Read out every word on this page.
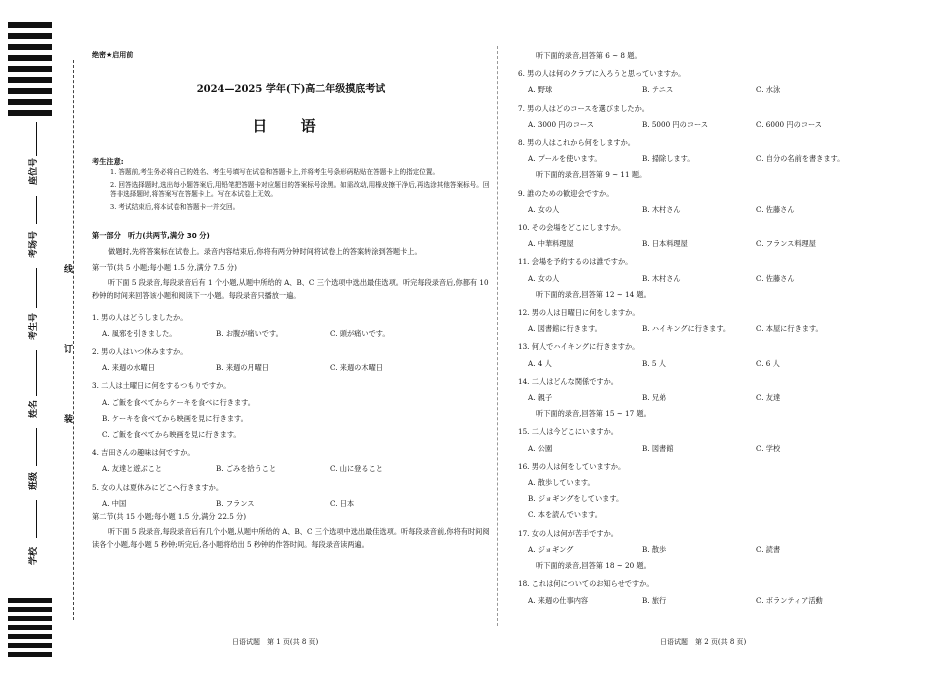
座位号
考场号
考生号
姓名
班级
学校
线
订
装
绝密★启用前
2024—2025 学年(下)高二年级摸底考试
日 语
考生注意:
1. 答题前,考生务必将自己的姓名、考生号填写在试卷和答题卡上,并将考生号条形码粘贴在答题卡上的指定位置。
2. 回答选择题时,选出每小题答案后,用铅笔把答题卡对应题目的答案标号涂黑。如需改动,用橡皮擦干净后,再选涂其他答案标号。回答非选择题时,将答案写在答题卡上。写在本试卷上无效。
3. 考试结束后,将本试卷和答题卡一并交回。
第一部分　听力(共两节,满分 30 分)
做题时,先将答案标在试卷上。录音内容结束后,你将有两分钟时间将试卷上的答案转涂到答题卡上。
第一节(共 5 小题;每小题 1.5 分,满分 7.5 分)
听下面 5 段录音,每段录音后有 1 个小题,从题中所给的 A、B、C 三个选项中选出最佳选项。听完每段录音后,你都有 10 秒钟的时间来回答该小题和阅读下一小题。每段录音只播放一遍。
1. 男の人はどうしましたか。
A. 風邪を引きました。	B. お腹が痛いです。	C. 頭が痛いです。
2. 男の人はいつ休みますか。
A. 来週の水曜日	B. 来週の月曜日	C. 来週の木曜日
3. 二人は土曜日に何をするつもりですか。
A. ご飯を食べてからケーキを食べに行きます。
B. ケーキを食べてから映画を見に行きます。
C. ご飯を食べてから映画を見に行きます。
4. 吉田さんの趣味は何ですか。
A. 友達と遊ぶこと	B. ごみを拾うこと	C. 山に登ること
5. 女の人は夏休みにどこへ行きますか。
A. 中国	B. フランス	C. 日本
第二节(共 15 小题;每小题 1.5 分,满分 22.5 分)
听下面 5 段录音,每段录音后有几个小题,从题中所给的 A、B、C 三个选项中选出最佳选项。听每段录音前,你将有时间阅读各个小题,每小题 5 秒钟;听完后,各小题将给出 5 秒钟的作答时间。每段录音读两遍。
听下面的录音,回答第 6 ~ 8 题。
6. 男の人は何のクラブに入ろうと思っていますか。
A. 野球	B. テニス	C. 水泳
7. 男の人はどのコースを選びましたか。
A. 3000 円のコース	B. 5000 円のコース	C. 6000 円のコース
8. 男の人はこれから何をしますか。
A. プールを使います。	B. 掃除します。	C. 自分の名前を書きます。
听下面的录音,回答第 9 ~ 11 题。
9. 誰のための歓迎会ですか。
A. 女の人	B. 木村さん	C. 佐藤さん
10. その会場をどこにしますか。
A. 中華料理屋	B. 日本料理屋	C. フランス料理屋
11. 会場を予約するのは誰ですか。
A. 女の人	B. 木村さん	C. 佐藤さん
听下面的录音,回答第 12 ~ 14 题。
12. 男の人は日曜日に何をしますか。
A. 図書館に行きます。	B. ハイキングに行きます。	C. 本屋に行きます。
13. 何人でハイキングに行きますか。
A. 4 人	B. 5 人	C. 6 人
14. 二人はどんな関係ですか。
A. 親子	B. 兄弟	C. 友達
听下面的录音,回答第 15 ~ 17 题。
15. 二人は今どこにいますか。
A. 公園	B. 図書館	C. 学校
16. 男の人は何をしていますか。
A. 散歩しています。
B. ジョギングをしています。
C. 本を読んでいます。
17. 女の人は何が苦手ですか。
A. ジョギング	B. 散歩	C. 読書
听下面的录音,回答第 18 ~ 20 题。
18. これは何についてのお知らせですか。
A. 来週の仕事内容	B. 旅行	C. ボランティア活動
日语试题　第 1 页(共 8 页)	日语试题　第 2 页(共 8 页)
